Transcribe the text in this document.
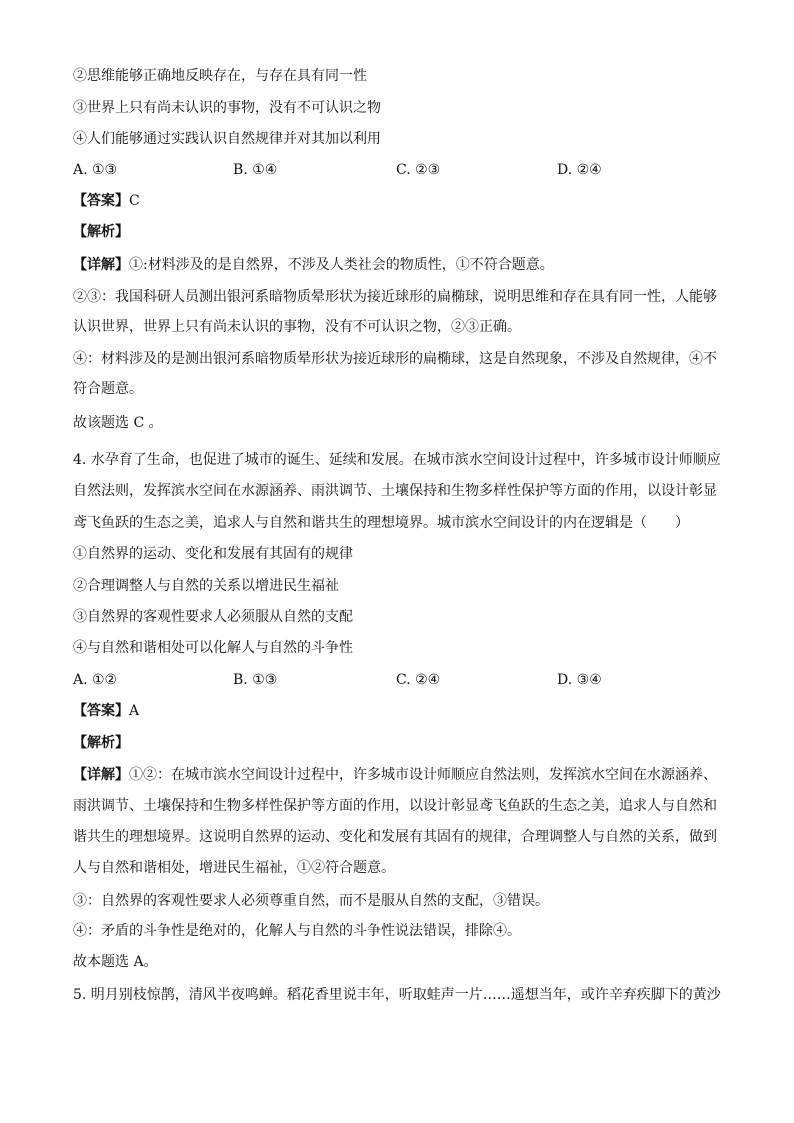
②思维能够正确地反映存在，与存在具有同一性
③世界上只有尚未认识的事物，没有不可认识之物
④人们能够通过实践认识自然规律并对其加以利用
A. ①③	B. ①④	C. ②③	D. ②④
【答案】C
【解析】
【详解】①:材料涉及的是自然界，不涉及人类社会的物质性，①不符合题意。
②③：我国科研人员测出银河系暗物质晕形状为接近球形的扁椭球，说明思维和存在具有同一性，人能够
认识世界，世界上只有尚未认识的事物，没有不可认识之物，②③正确。
④：材料涉及的是测出银河系暗物质晕形状为接近球形的扁椭球，这是自然现象，不涉及自然规律，④不
符合题意。
故该题选 C 。
4. 水孕育了生命，也促进了城市的诞生、延续和发展。在城市滨水空间设计过程中，许多城市设计师顺应
自然法则，发挥滨水空间在水源涵养、雨洪调节、土壤保持和生物多样性保护等方面的作用，以设计彰显
鸢飞鱼跃的生态之美，追求人与自然和谐共生的理想境界。城市滨水空间设计的内在逻辑是（　　）
①自然界的运动、变化和发展有其固有的规律
②合理调整人与自然的关系以增进民生福祉
③自然界的客观性要求人必须服从自然的支配
④与自然和谐相处可以化解人与自然的斗争性
A. ①②	B. ①③	C. ②④	D. ③④
【答案】A
【解析】
【详解】①②：在城市滨水空间设计过程中，许多城市设计师顺应自然法则，发挥滨水空间在水源涵养、
雨洪调节、土壤保持和生物多样性保护等方面的作用，以设计彰显鸢飞鱼跃的生态之美，追求人与自然和
谐共生的理想境界。这说明自然界的运动、变化和发展有其固有的规律，合理调整人与自然的关系，做到
人与自然和谐相处，增进民生福祉，①②符合题意。
③：自然界的客观性要求人必须尊重自然，而不是服从自然的支配，③错误。
④：矛盾的斗争性是绝对的，化解人与自然的斗争性说法错误，排除④。
故本题选 A。
5. 明月别枝惊鹊，清风半夜鸣蝉。稻花香里说丰年，听取蛙声一片……遥想当年，或许辛弃疾脚下的黄沙
